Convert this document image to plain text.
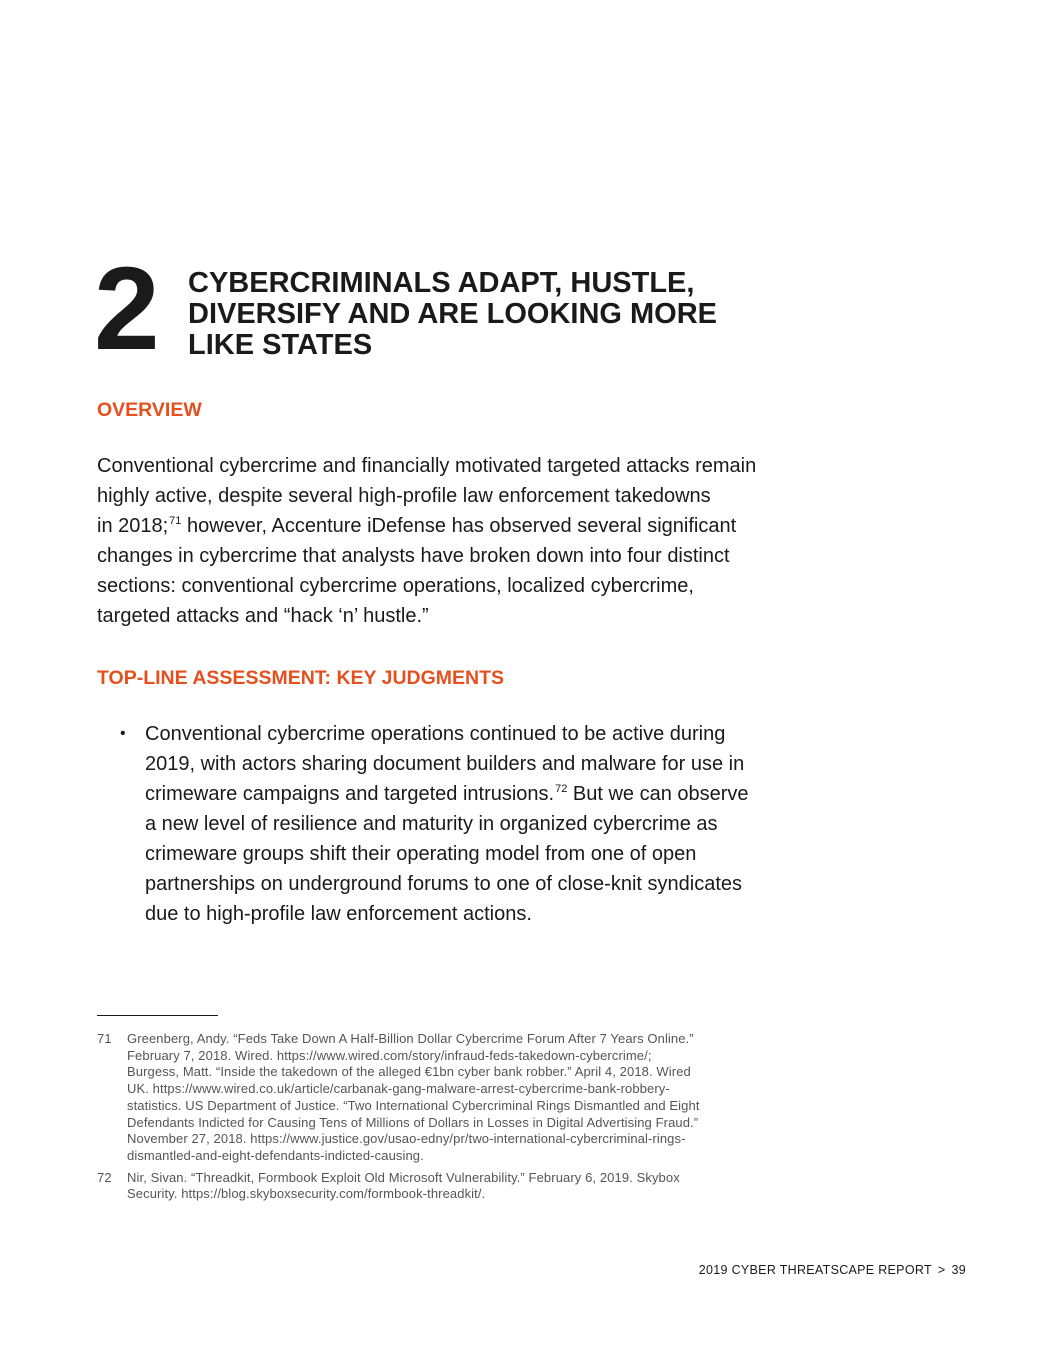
2 CYBERCRIMINALS ADAPT, HUSTLE,
DIVERSIFY AND ARE LOOKING MORE
LIKE STATES
OVERVIEW
Conventional cybercrime and financially motivated targeted attacks remain
highly active, despite several high-profile law enforcement takedowns
in 2018;$^{71}$ however, Accenture iDefense has observed several significant
changes in cybercrime that analysts have broken down into four distinct
sections: conventional cybercrime operations, localized cybercrime,
targeted attacks and “hack ‘n’ hustle.”
TOP-LINE ASSESSMENT: KEY JUDGMENTS
• Conventional cybercrime operations continued to be active during
2019, with actors sharing document builders and malware for use in
crimeware campaigns and targeted intrusions.$^{72}$ But we can observe
a new level of resilience and maturity in organized cybercrime as
crimeware groups shift their operating model from one of open
partnerships on underground forums to one of close-knit syndicates
due to high-profile law enforcement actions.
71 Greenberg, Andy. “Feds Take Down A Half-Billion Dollar Cybercrime Forum After 7 Years Online.”
February 7, 2018. Wired. https://www.wired.com/story/infraud-feds-takedown-cybercrime/;
Burgess, Matt. “Inside the takedown of the alleged €1bn cyber bank robber.” April 4, 2018. Wired
UK. https://www.wired.co.uk/article/carbanak-gang-malware-arrest-cybercrime-bank-robbery-
statistics. US Department of Justice. “Two International Cybercriminal Rings Dismantled and Eight
Defendants Indicted for Causing Tens of Millions of Dollars in Losses in Digital Advertising Fraud.”
November 27, 2018. https://www.justice.gov/usao-edny/pr/two-international-cybercriminal-rings-
dismantled-and-eight-defendants-indicted-causing.
72 Nir, Sivan. “Threadkit, Formbook Exploit Old Microsoft Vulnerability.” February 6, 2019. Skybox
Security. https://blog.skyboxsecurity.com/formbook-threadkit/.
2019 CYBER THREATSCAPE REPORT > 39
